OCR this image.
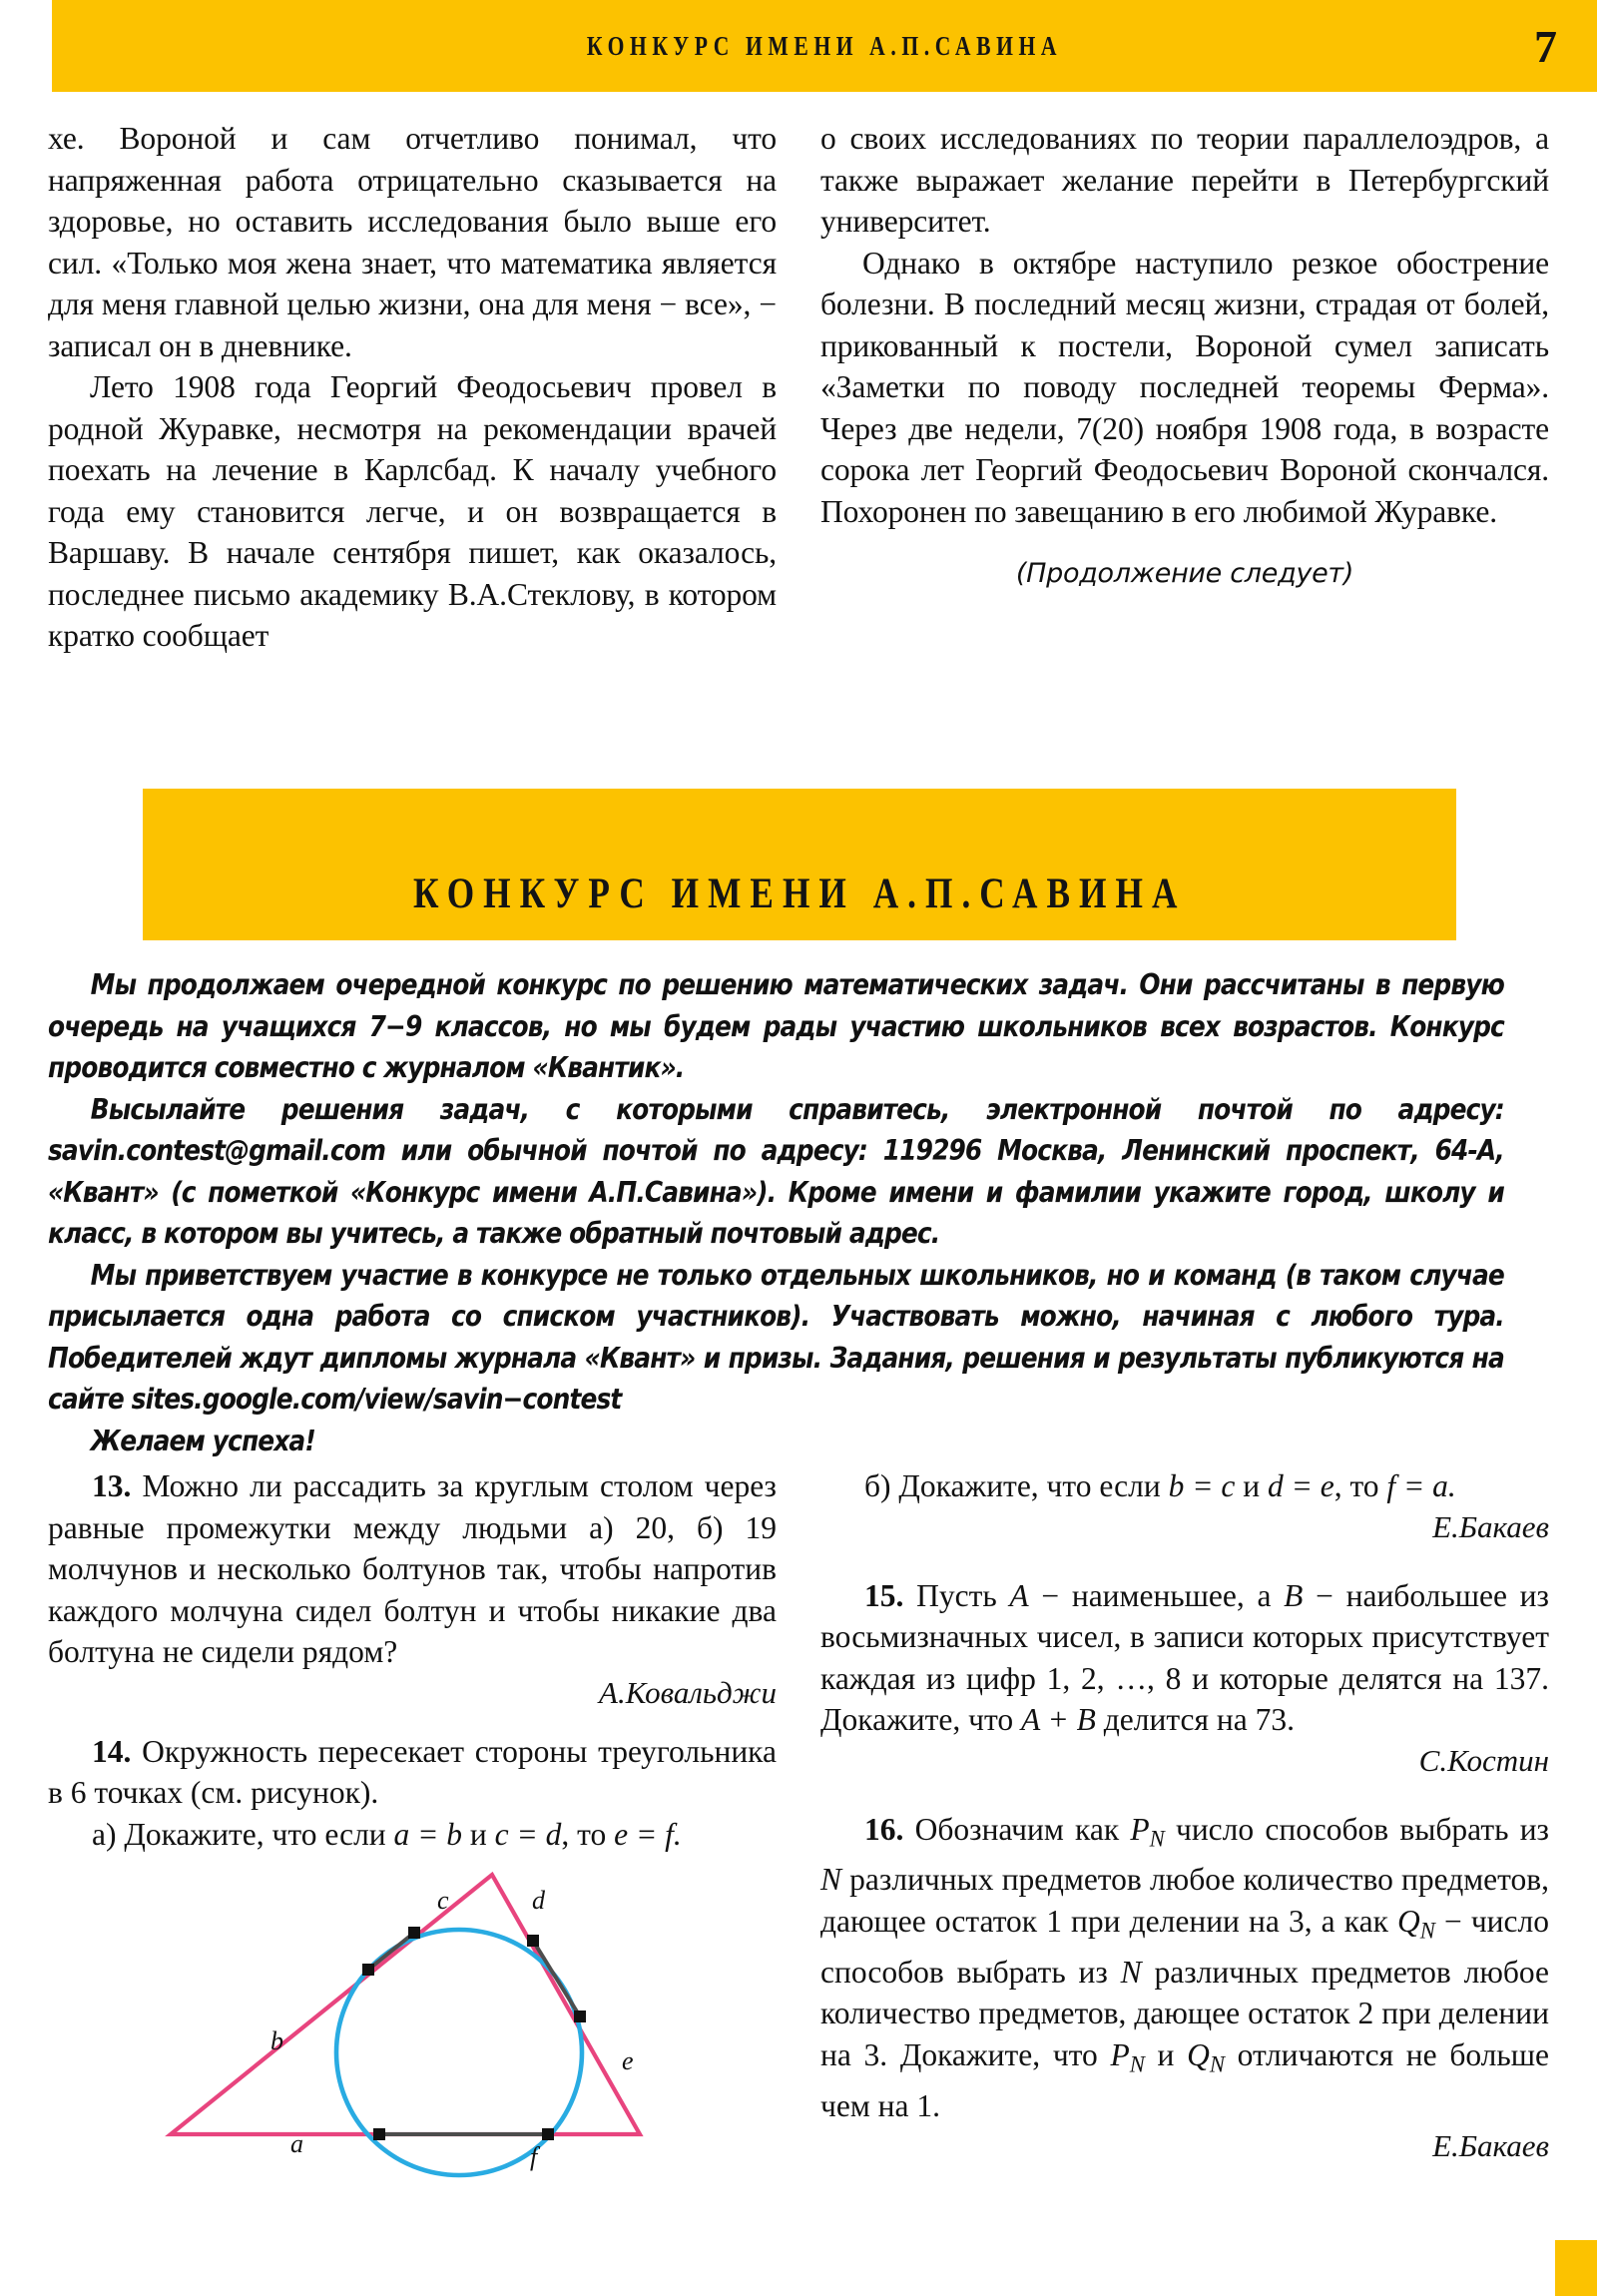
КОНКУРС ИМЕНИ А.П.САВИНА	7

хе. Вороной и сам отчетливо понимал, что напряженная работа отрицательно сказывается на здоровье, но оставить исследования было выше его сил. «Только моя жена знает, что математика является для меня главной целью жизни, она для меня − все», − записал он в дневнике.

Лето 1908 года Георгий Феодосьевич провел в родной Журавке, несмотря на рекомендации врачей поехать на лечение в Карлсбад. К началу учебного года ему становится легче, и он возвращается в Варшаву. В начале сентября пишет, как оказалось, последнее письмо академику В.А.Стеклову, в котором кратко сообщает

о своих исследованиях по теории параллелоэдров, а также выражает желание перейти в Петербургский университет.

Однако в октябре наступило резкое обострение болезни. В последний месяц жизни, страдая от болей, прикованный к постели, Вороной сумел записать «Заметки по поводу последней теоремы Ферма». Через две недели, 7(20) ноября 1908 года, в возрасте сорока лет Георгий Феодосьевич Вороной скончался. Похоронен по завещанию в его любимой Журавке.

(Продолжение следует)

КОНКУРС ИМЕНИ А.П.САВИНА

Мы продолжаем очередной конкурс по решению математических задач. Они рассчитаны в первую очередь на учащихся 7−9 классов, но мы будем рады участию школьников всех возрастов. Конкурс проводится совместно с журналом «Квантик».

Высылайте решения задач, с которыми справитесь, электронной почтой по адресу: savin.contest@gmail.com или обычной почтой по адресу: 119296 Москва, Ленинский проспект, 64-А, «Квант» (с пометкой «Конкурс имени А.П.Савина»). Кроме имени и фамилии укажите город, школу и класс, в котором вы учитесь, а также обратный почтовый адрес.

Мы приветствуем участие в конкурсе не только отдельных школьников, но и команд (в таком случае присылается одна работа со списком участников). Участвовать можно, начиная с любого тура. Победителей ждут дипломы журнала «Квант» и призы. Задания, решения и результаты публикуются на сайте sites.google.com/view/savin−contest

Желаем успеха!

13. Можно ли рассадить за круглым столом через равные промежутки между людьми а) 20, б) 19 молчунов и несколько болтунов так, чтобы напротив каждого молчуна сидел болтун и чтобы никакие два болтуна не сидели рядом?

А.Ковальджи

14. Окружность пересекает стороны треугольника в 6 точках (см. рисунок).

а) Докажите, что если a = b и c = d, то e = f.

a
b
c	d
e
f

б) Докажите, что если b = c и d = e, то f = a.

Е.Бакаев

15. Пусть A − наименьшее, а B − наибольшее из восьмизначных чисел, в записи которых присутствует каждая из цифр 1, 2, …, 8 и которые делятся на 137. Докажите, что A + B делится на 73.

С.Костин

16. Обозначим как $P_N$ число способов выбрать из N различных предметов любое количество предметов, дающее остаток 1 при делении на 3, а как $Q_N$ − число способов выбрать из N различных предметов любое количество предметов, дающее остаток 2 при делении на 3. Докажите, что $P_N$ и $Q_N$ отличаются не больше чем на 1.

Е.Бакаев
